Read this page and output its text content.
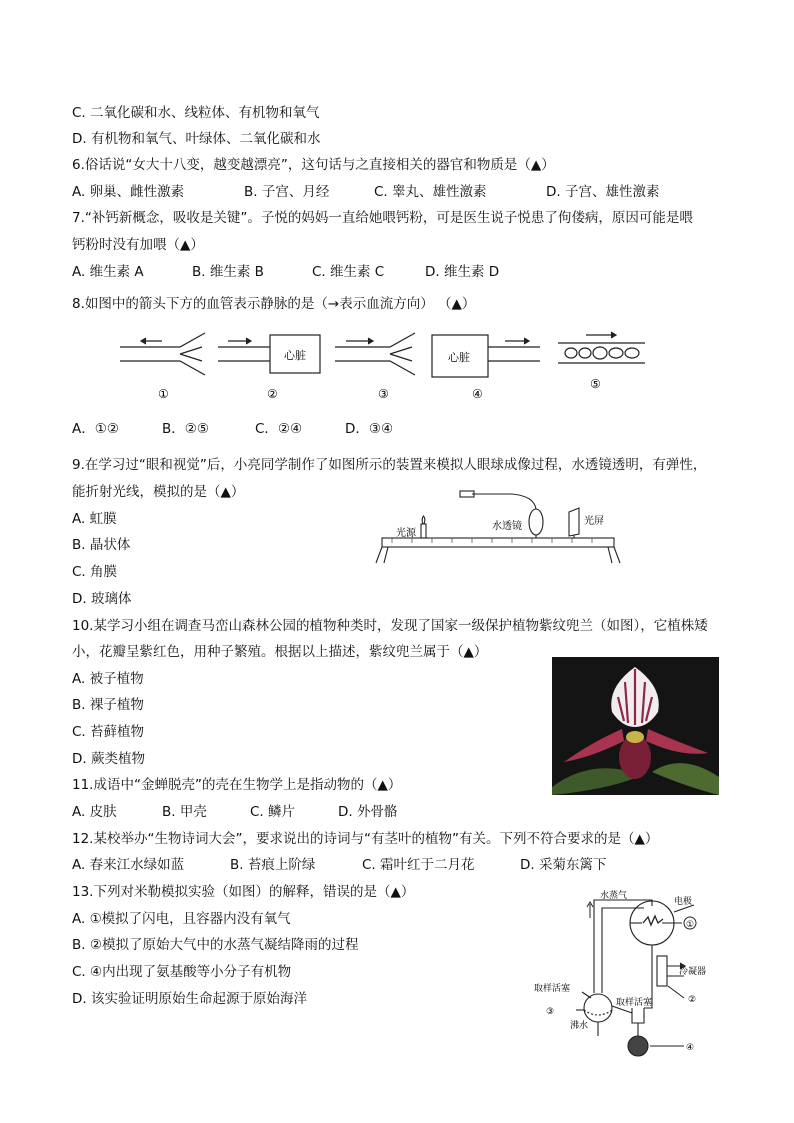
C. 二氧化碳和水、线粒体、有机物和氧气
D. 有机物和氧气、叶绿体、二氧化碳和水
6.俗话说“女大十八变，越变越漂亮”，这句话与之直接相关的器官和物质是（▲）
A. 卵巢、雌性激素	B. 子宫、月经	C. 睾丸、雄性激素	D. 子宫、雄性激素
7.“补钙新概念，吸收是关键”。子悦的妈妈一直给她喂钙粉，可是医生说子悦患了佝偻病，原因可能是喂
钙粉时没有加喂（▲）
A. 维生素 A	B. 维生素 B	C. 维生素 C	D. 维生素 D
8.如图中的箭头下方的血管表示静脉的是（→表示血流方向） （▲）
心脏	心脏
①	②	③	④
⑤
A．①②	B．②⑤	C．②④	D．③④
9.在学习过“眼和视觉”后，小亮同学制作了如图所示的装置来模拟人眼球成像过程，水透镜透明，有弹性，
能折射光线，模拟的是（▲）
A. 虹膜
B. 晶状体
C. 角膜
D. 玻璃体
光源
水透镜	光屏
10.某学习小组在调查马峦山森林公园的植物种类时，发现了国家一级保护植物紫纹兜兰（如图），它植株矮
小，花瓣呈紫红色，用种子繁殖。根据以上描述，紫纹兜兰属于（▲）
A. 被子植物
B. 裸子植物
C. 苔藓植物
D. 蕨类植物
11.成语中“金蝉脱壳”的壳在生物学上是指动物的（▲）
A. 皮肤	B. 甲壳	C. 鳞片	D. 外骨骼
12.某校举办“生物诗词大会”，要求说出的诗词与“有茎叶的植物”有关。下列不符合要求的是（▲）
A. 春来江水绿如蓝	B. 苔痕上阶绿	C. 霜叶红于二月花	D. 采菊东篱下
13.下列对米勒模拟实验（如图）的解释，错误的是（▲）
A. ①模拟了闪电，且容器内没有氧气
B. ②模拟了原始大气中的水蒸气凝结降雨的过程
C. ④内出现了氨基酸等小分子有机物
D. 该实验证明原始生命起源于原始海洋
水蒸气
电极
①
冷凝器
②
取样活塞
取样活塞
③
沸水
④
